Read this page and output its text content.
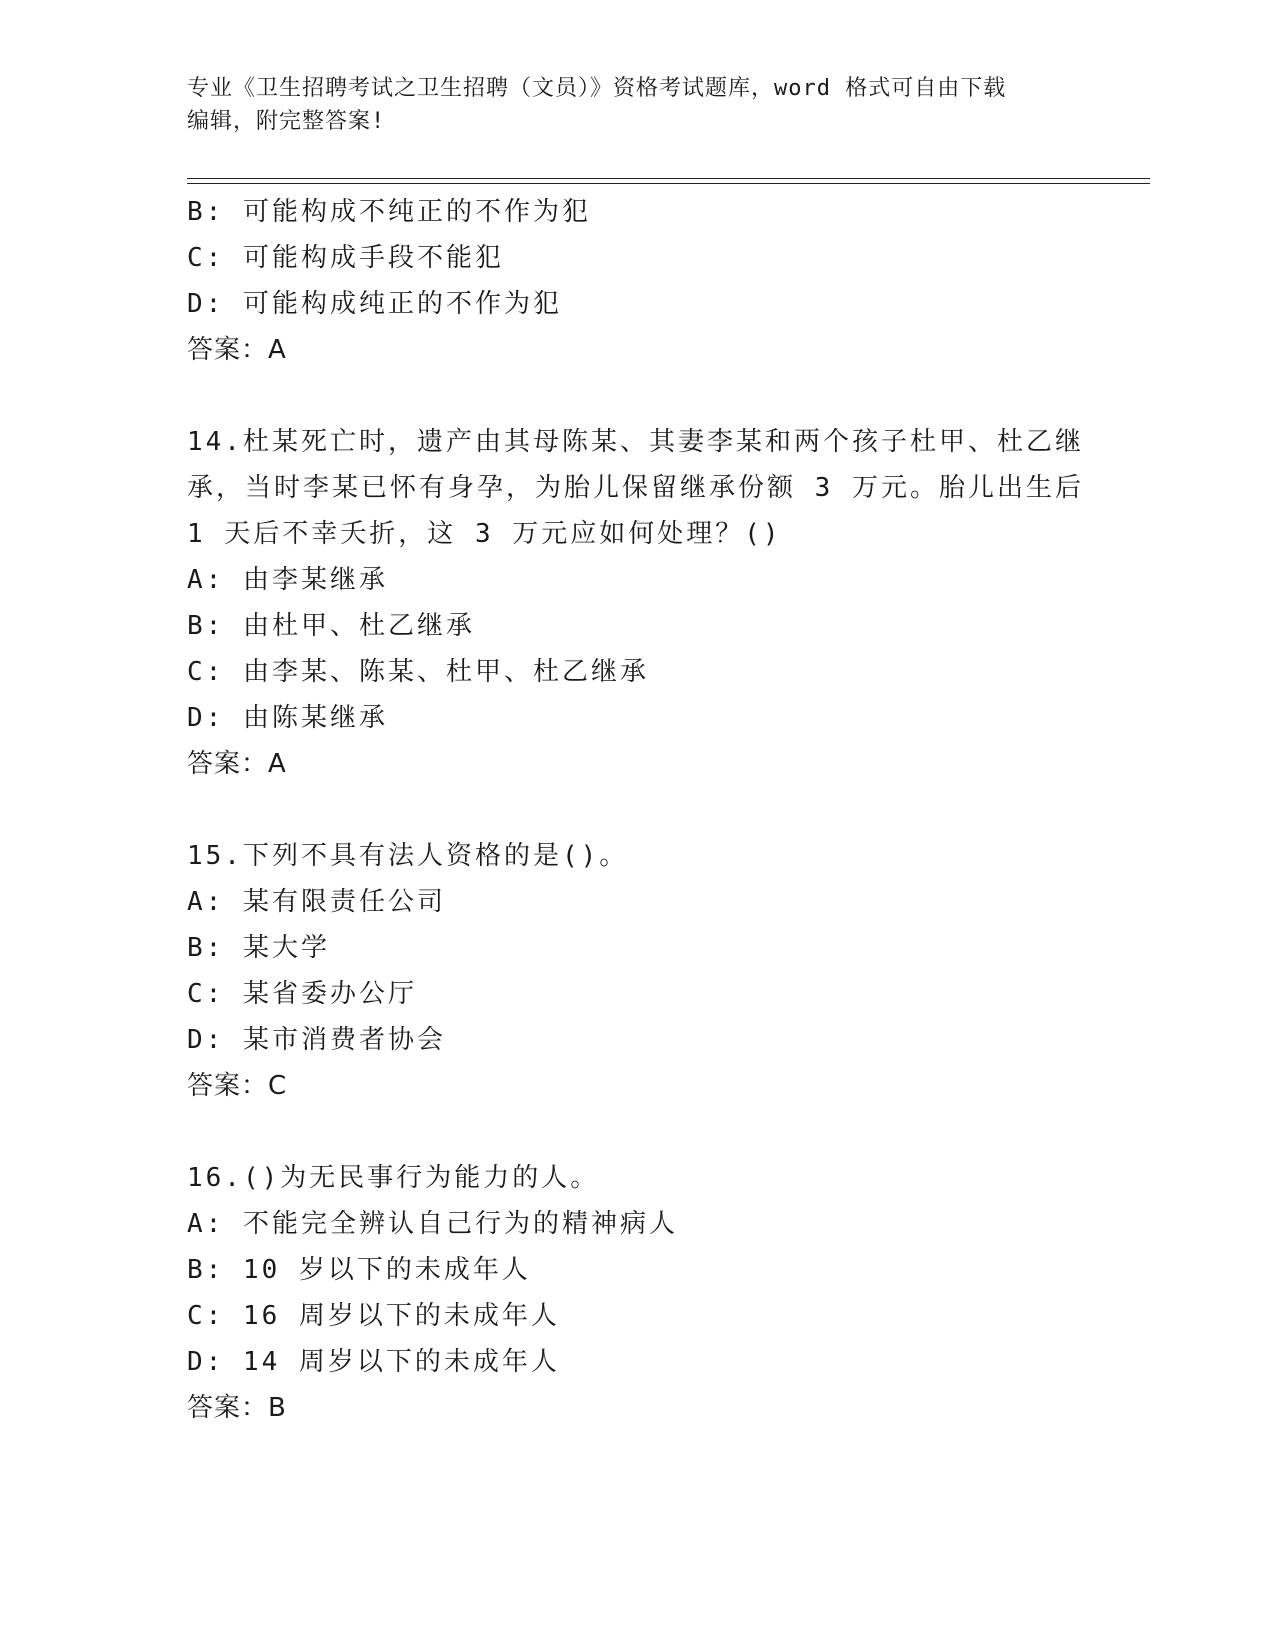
专业《卫生招聘考试之卫生招聘（文员）》资格考试题库，word 格式可自由下载
编辑，附完整答案!
B: 可能构成不纯正的不作为犯
C: 可能构成手段不能犯
D: 可能构成纯正的不作为犯
答案：A
14.杜某死亡时，遗产由其母陈某、其妻李某和两个孩子杜甲、杜乙继
承，当时李某已怀有身孕，为胎儿保留继承份额 3 万元。胎儿出生后
1 天后不幸夭折，这 3 万元应如何处理？()
A: 由李某继承
B: 由杜甲、杜乙继承
C: 由李某、陈某、杜甲、杜乙继承
D: 由陈某继承
答案：A
15.下列不具有法人资格的是()。
A: 某有限责任公司
B: 某大学
C: 某省委办公厅
D: 某市消费者协会
答案：C
16.()为无民事行为能力的人。
A: 不能完全辨认自己行为的精神病人
B: 10 岁以下的未成年人
C: 16 周岁以下的未成年人
D: 14 周岁以下的未成年人
答案：B
